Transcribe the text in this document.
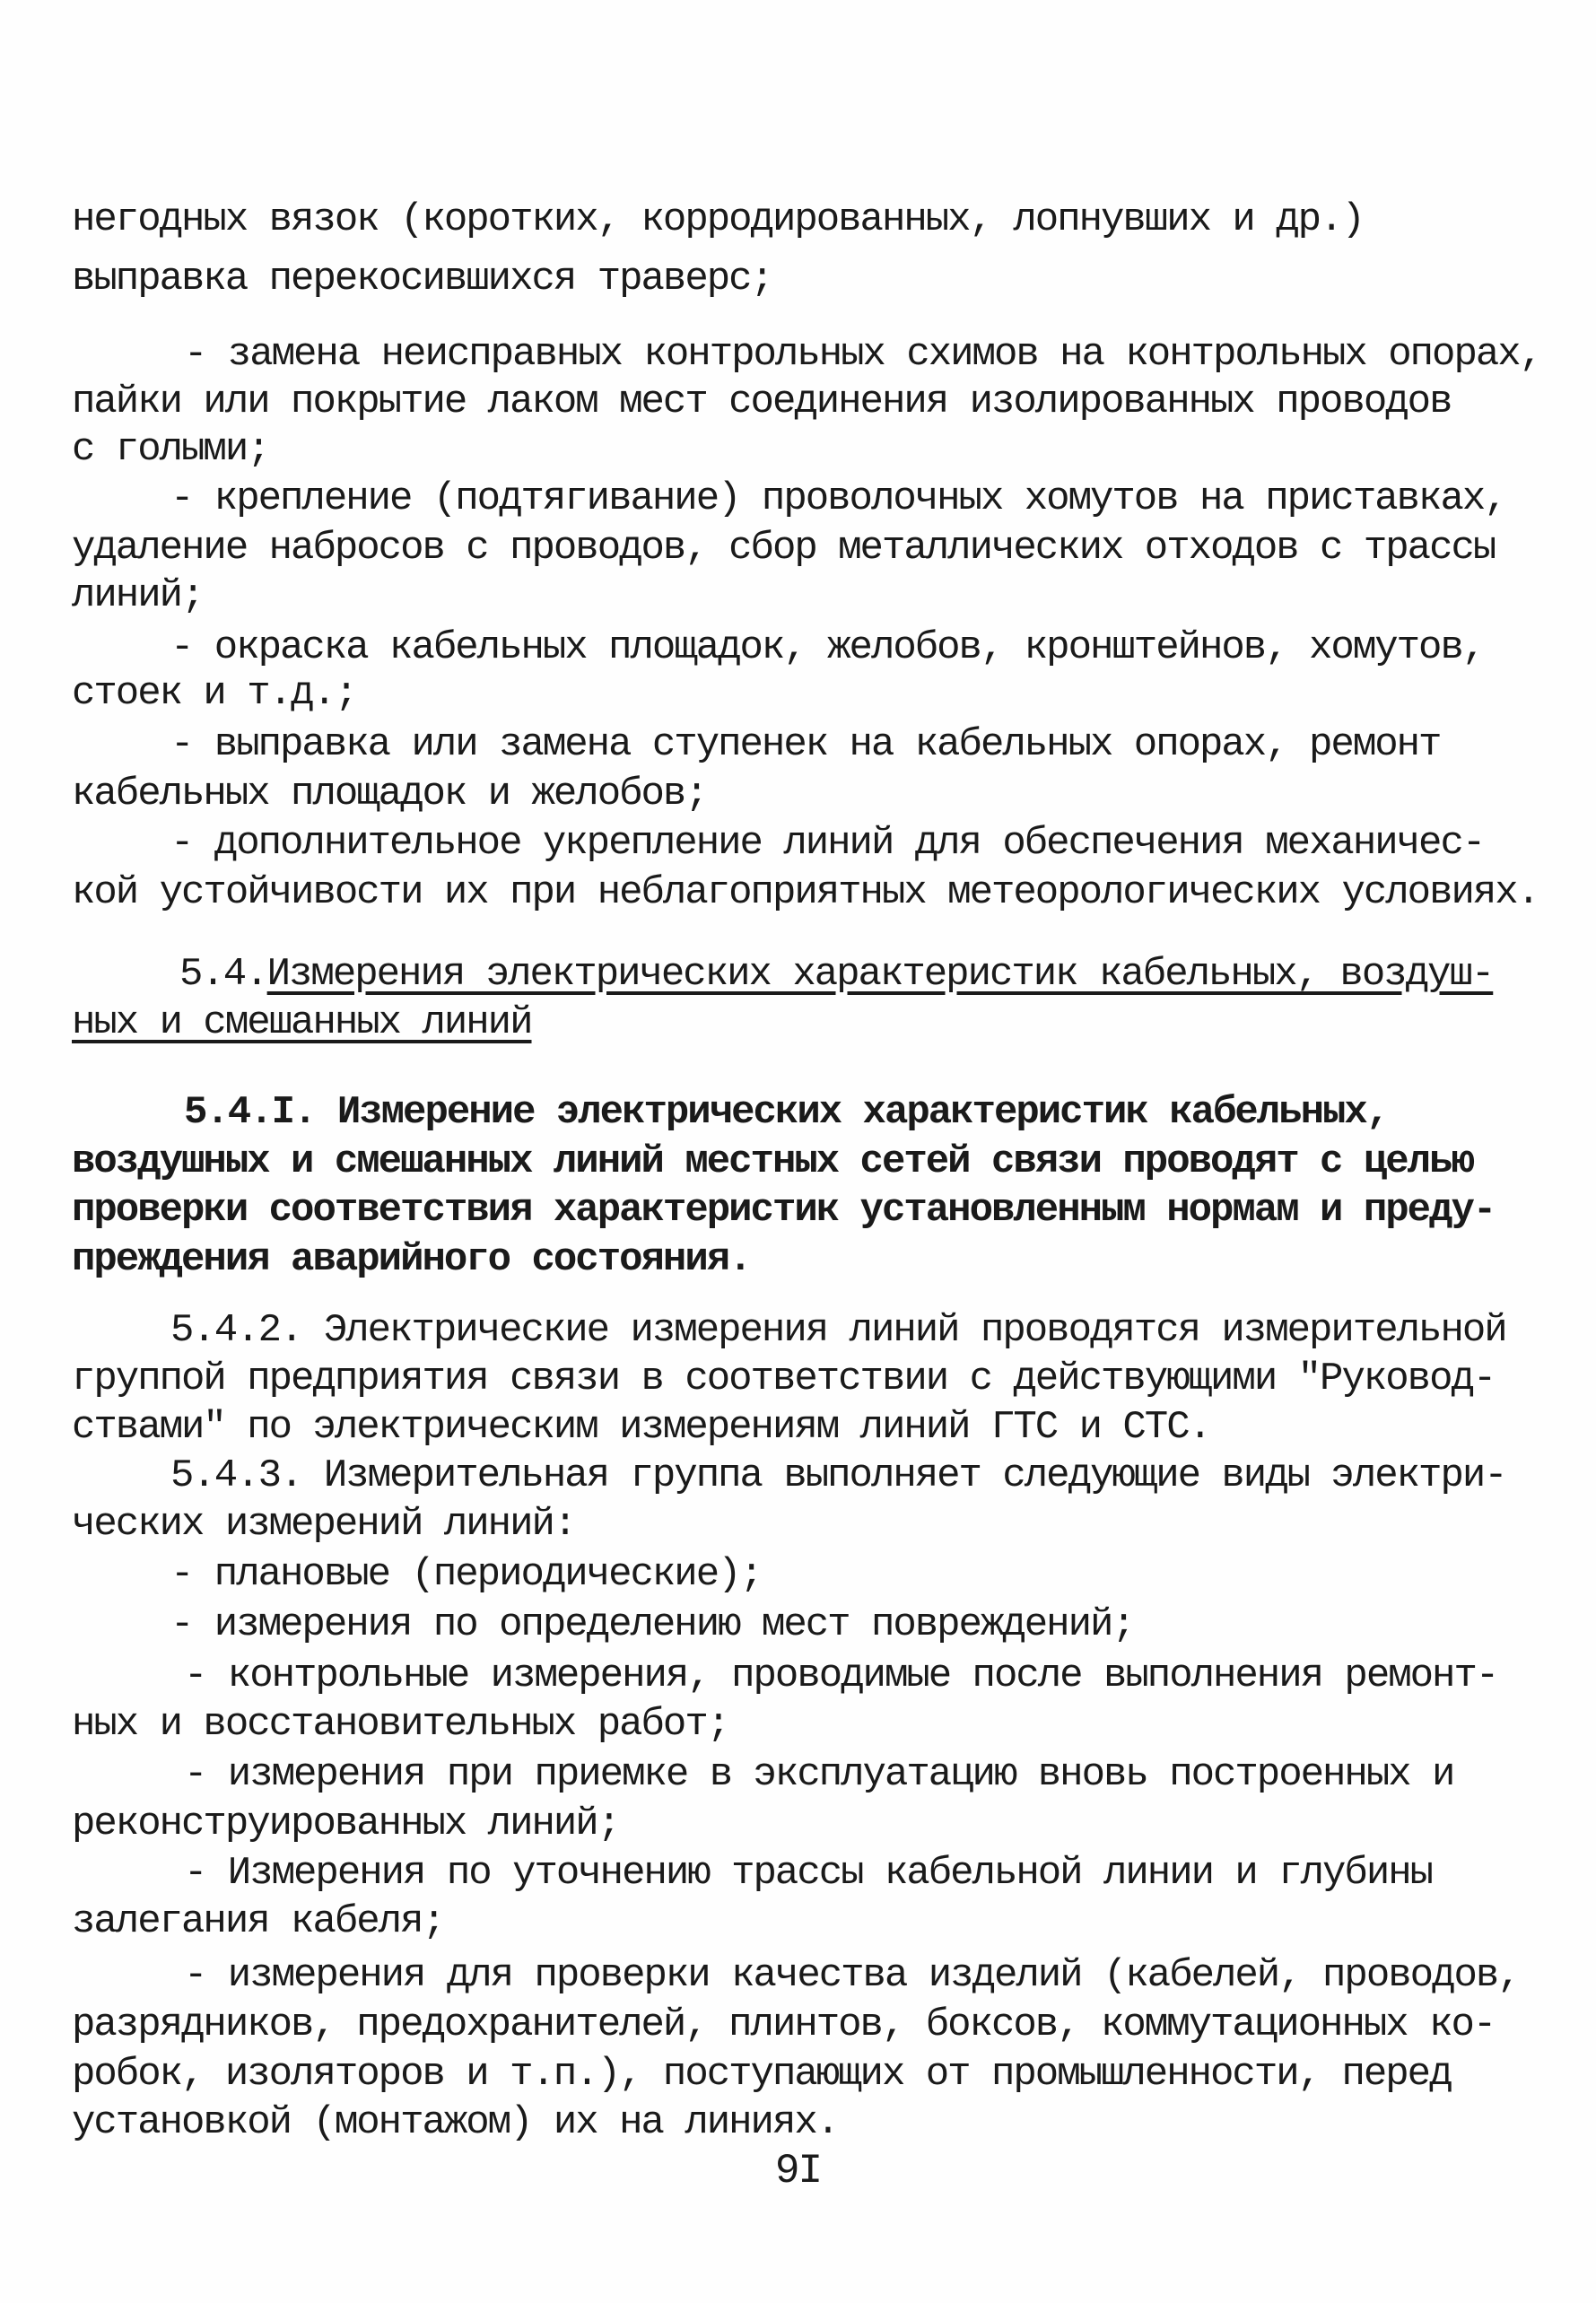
негодных вязок (коротких, корродированных, лопнувших и др.)
выправка перекосившихся траверс;
- замена неисправных контрольных схимов на контрольных опорах,
пайки или покрытие лаком мест соединения изолированных проводов
с голыми;
- крепление (подтягивание) проволочных хомутов на приставках,
удаление набросов с проводов, сбор металлических отходов с трассы
линий;
- окраска кабельных площадок, желобов, кронштейнов, хомутов,
стоек и т.д.;
- выправка или замена ступенек на кабельных опорах, ремонт
кабельных площадок и желобов;
- дополнительное укрепление линий для обеспечения механичес-
кой устойчивости их при неблагоприятных метеорологических условиях.
5.4.Измерения электрических характеристик кабельных, воздуш-
ных и смешанных линий
5.4.I. Измерение электрических характеристик кабельных,
воздушных и смешанных линий местных сетей связи проводят с целью
проверки соответствия характеристик установленным нормам и преду-
преждения аварийного состояния.
5.4.2. Электрические измерения линий проводятся измерительной
группой предприятия связи в соответствии с действующими "Руковод-
ствами" по электрическим измерениям линий ГТС и СТС.
5.4.3. Измерительная группа выполняет следующие виды электри-
ческих измерений линий:
- плановые (периодические);
- измерения по определению мест повреждений;
- контрольные измерения, проводимые после выполнения ремонт-
ных и восстановительных работ;
- измерения при приемке в эксплуатацию вновь построенных и
реконструированных линий;
- Измерения по уточнению трассы кабельной линии и глубины
залегания кабеля;
- измерения для проверки качества изделий (кабелей, проводов,
разрядников, предохранителей, плинтов, боксов, коммутационных ко-
робок, изоляторов и т.п.), поступающих от промышленности, перед
установкой (монтажом) их на линиях.
9I
